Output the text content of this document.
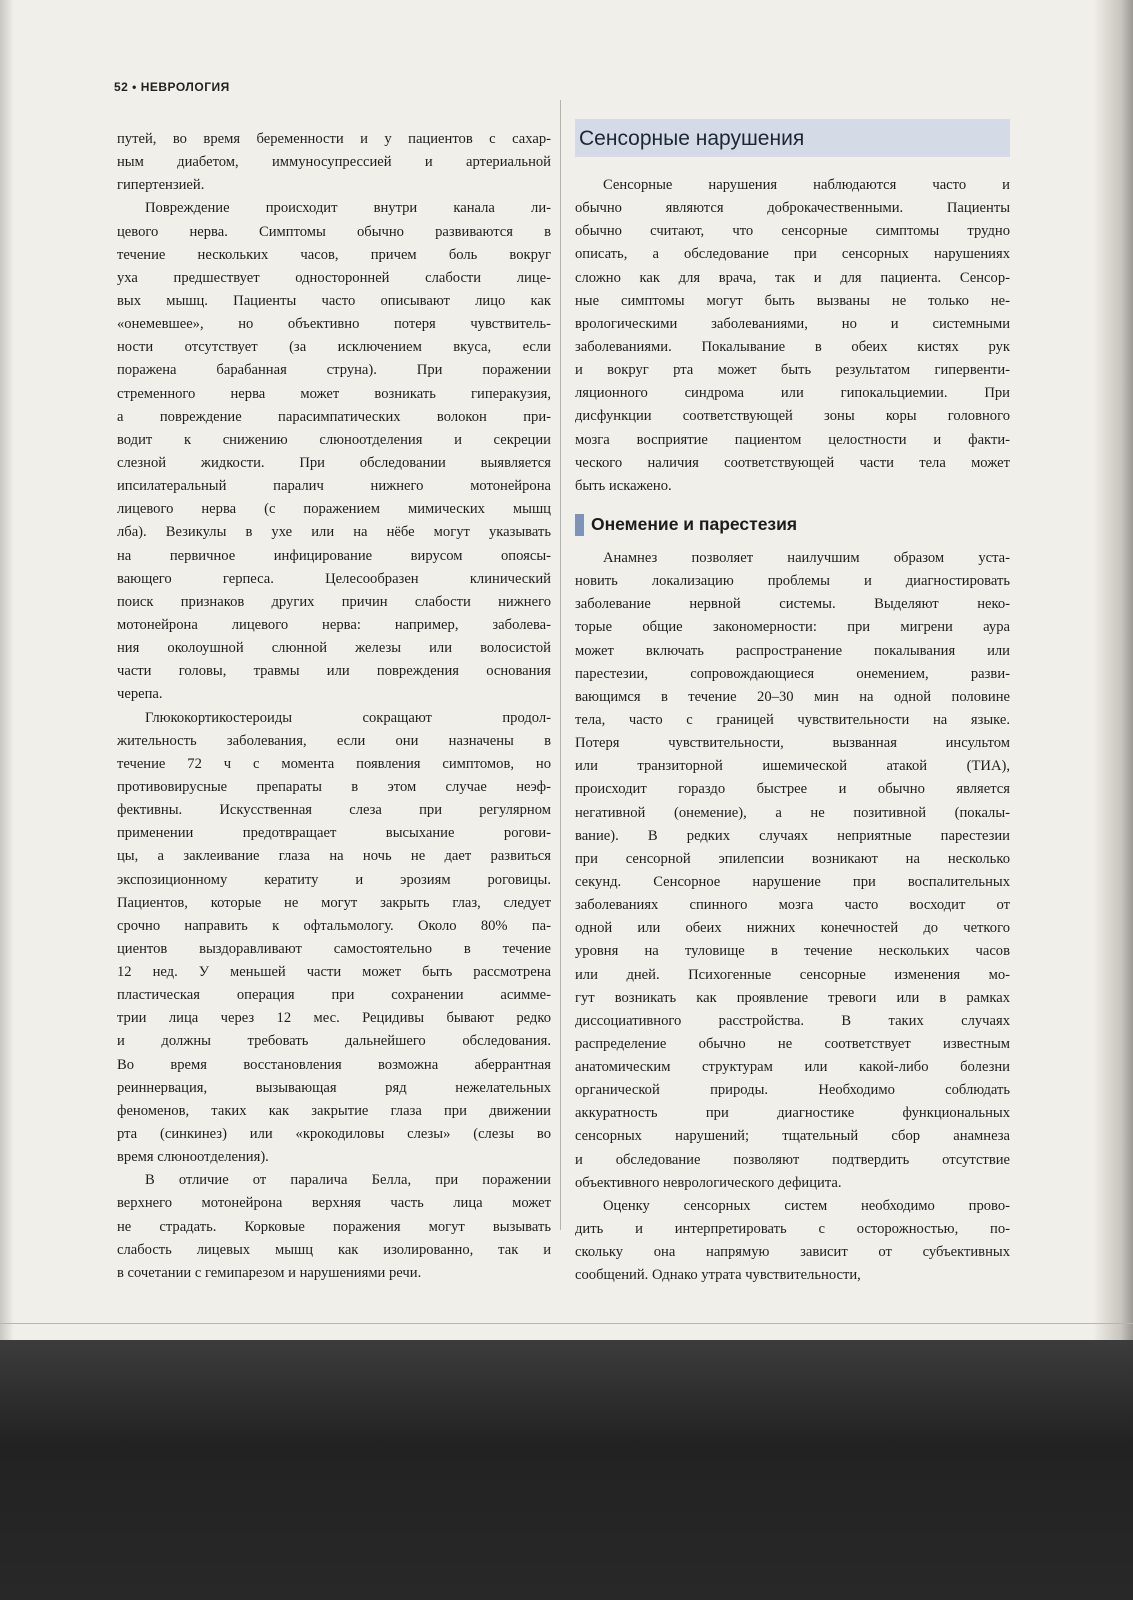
52 • НЕВРОЛОГИЯ

путей, во время беременности и у пациентов с сахар-
ным диабетом, иммуносупрессией и артериальной
гипертензией.
Повреждение происходит внутри канала ли-
цевого нерва. Симптомы обычно развиваются в
течение нескольких часов, причем боль вокруг
уха предшествует односторонней слабости лице-
вых мышц. Пациенты часто описывают лицо как
«онемевшее», но объективно потеря чувствитель-
ности отсутствует (за исключением вкуса, если
поражена барабанная струна). При поражении
стременного нерва может возникать гиперакузия,
а повреждение парасимпатических волокон при-
водит к снижению слюноотделения и секреции
слезной жидкости. При обследовании выявляется
ипсилатеральный паралич нижнего мотонейрона
лицевого нерва (с поражением мимических мышц
лба). Везикулы в ухе или на нёбе могут указывать
на первичное инфицирование вирусом опоясы-
вающего герпеса. Целесообразен клинический
поиск признаков других причин слабости нижнего
мотонейрона лицевого нерва: например, заболева-
ния околоушной слюнной железы или волосистой
части головы, травмы или повреждения основания
черепа.
Глюкокортикостероиды сокращают продол-
жительность заболевания, если они назначены в
течение 72 ч с момента появления симптомов, но
противовирусные препараты в этом случае неэф-
фективны. Искусственная слеза при регулярном
применении предотвращает высыхание рогови-
цы, а заклеивание глаза на ночь не дает развиться
экспозиционному кератиту и эрозиям роговицы.
Пациентов, которые не могут закрыть глаз, следует
срочно направить к офтальмологу. Около 80% па-
циентов выздоравливают самостоятельно в течение
12 нед. У меньшей части может быть рассмотрена
пластическая операция при сохранении асимме-
трии лица через 12 мес. Рецидивы бывают редко
и должны требовать дальнейшего обследования.
Во время восстановления возможна аберрантная
реиннервация, вызывающая ряд нежелательных
феноменов, таких как закрытие глаза при движении
рта (синкинез) или «крокодиловы слезы» (слезы во
время слюноотделения).
В отличие от паралича Белла, при поражении
верхнего мотонейрона верхняя часть лица может
не страдать. Корковые поражения могут вызывать
слабость лицевых мышц как изолированно, так и
в сочетании с гемипарезом и нарушениями речи.
Сенсорные нарушения
Сенсорные нарушения наблюдаются часто и
обычно являются доброкачественными. Пациенты
обычно считают, что сенсорные симптомы трудно
описать, а обследование при сенсорных нарушениях
сложно как для врача, так и для пациента. Сенсор-
ные симптомы могут быть вызваны не только не-
врологическими заболеваниями, но и системными
заболеваниями. Покалывание в обеих кистях рук
и вокруг рта может быть результатом гипервенти-
ляционного синдрома или гипокальциемии. При
дисфункции соответствующей зоны коры головного
мозга восприятие пациентом целостности и факти-
ческого наличия соответствующей части тела может
быть искажено.
Онемение и парестезия
Анамнез позволяет наилучшим образом уста-
новить локализацию проблемы и диагностировать
заболевание нервной системы. Выделяют неко-
торые общие закономерности: при мигрени аура
может включать распространение покалывания или
парестезии, сопровождающиеся онемением, разви-
вающимся в течение 20–30 мин на одной половине
тела, часто с границей чувствительности на языке.
Потеря чувствительности, вызванная инсультом
или транзиторной ишемической атакой (ТИА),
происходит гораздо быстрее и обычно является
негативной (онемение), а не позитивной (покалы-
вание). В редких случаях неприятные парестезии
при сенсорной эпилепсии возникают на несколько
секунд. Сенсорное нарушение при воспалительных
заболеваниях спинного мозга часто восходит от
одной или обеих нижних конечностей до четкого
уровня на туловище в течение нескольких часов
или дней. Психогенные сенсорные изменения мо-
гут возникать как проявление тревоги или в рамках
диссоциативного расстройства. В таких случаях
распределение обычно не соответствует известным
анатомическим структурам или какой-либо болезни
органической природы. Необходимо соблюдать
аккуратность при диагностике функциональных
сенсорных нарушений; тщательный сбор анамнеза
и обследование позволяют подтвердить отсутствие
объективного неврологического дефицита.
Оценку сенсорных систем необходимо прово-
дить и интерпретировать с осторожностью, по-
скольку она напрямую зависит от субъективных
сообщений. Однако утрата чувствительности,
